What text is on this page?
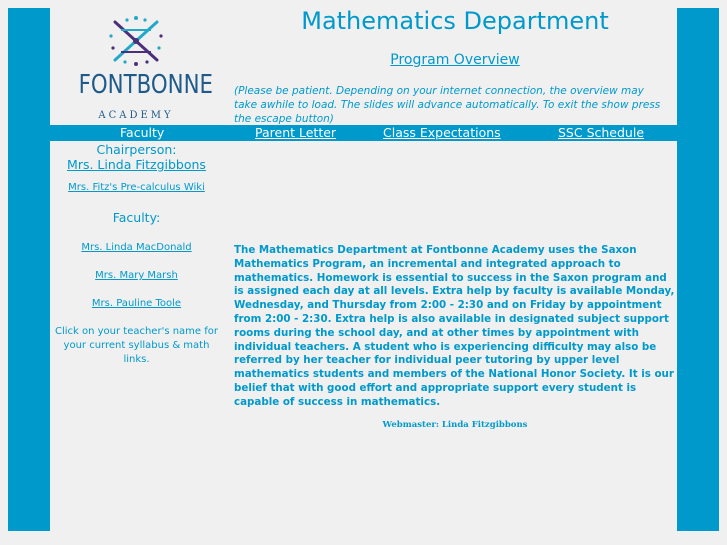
FONTBONNE
ACADEMY
Mathematics Department
Program Overview
(Please be patient. Depending on your internet connection, the overview may take awhile to load. The slides will advance automatically. To exit the show press the escape button)
Faculty	Parent Letter	Class Expectations	SSC Schedule
Chairperson:
Mrs. Linda Fitzgibbons
Mrs. Fitz's Pre-calculus Wiki
Faculty:
Mrs. Linda MacDonald
Mrs. Mary Marsh
Mrs. Pauline Toole
Click on your teacher's name for your current syllabus & math links.
The Mathematics Department at Fontbonne Academy uses the Saxon Mathematics Program, an incremental and integrated approach to mathematics. Homework is essential to success in the Saxon program and is assigned each day at all levels. Extra help by faculty is available Monday, Wednesday, and Thursday from 2:00 - 2:30 and on Friday by appointment from 2:00 - 2:30. Extra help is also available in designated subject support rooms during the school day, and at other times by appointment with individual teachers. A student who is experiencing difficulty may also be referred by her teacher for individual peer tutoring by upper level mathematics students and members of the National Honor Society. It is our belief that with good effort and appropriate support every student is capable of success in mathematics.
Webmaster: Linda Fitzgibbons
